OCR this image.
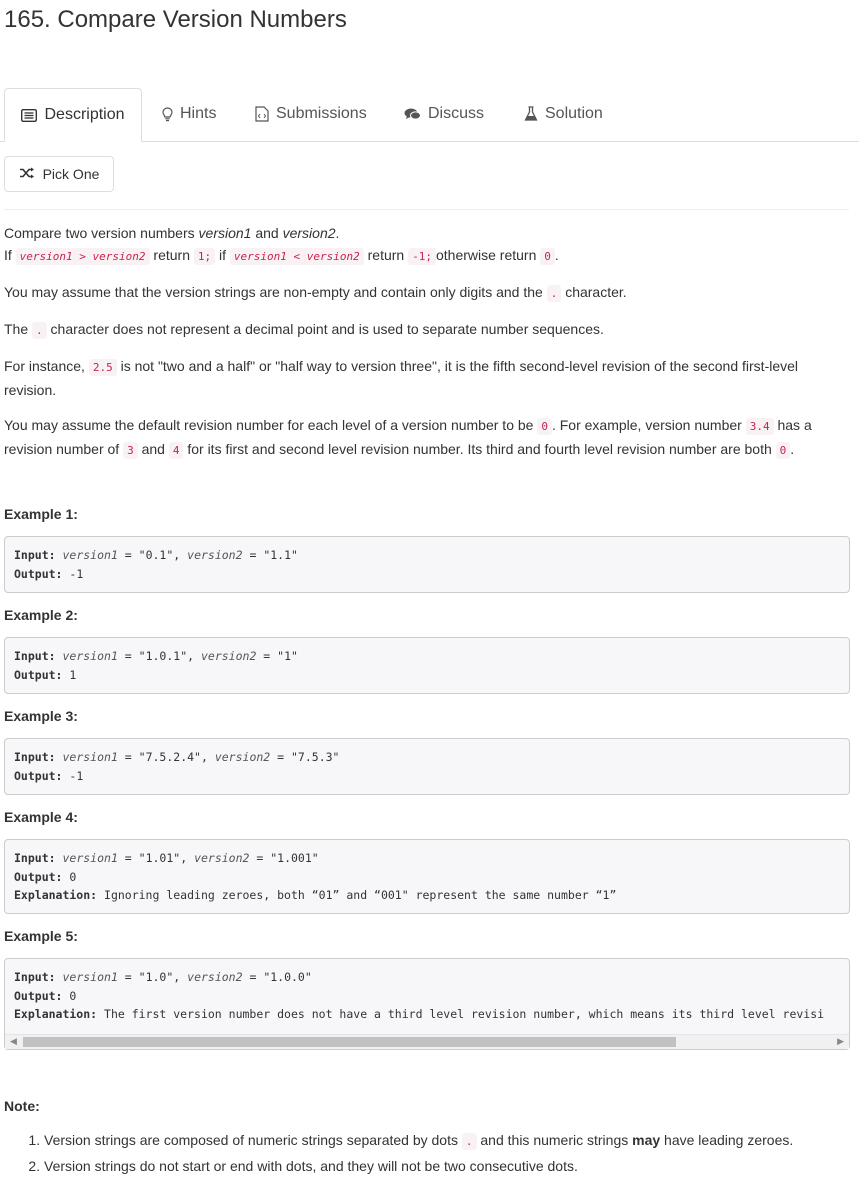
165. Compare Version Numbers
Description	Hints	Submissions	Discuss	Solution
Pick One

Compare two version numbers version1 and version2.

If version1 > version2 return 1; if version1 < version2 return -1; otherwise return 0 .

You may assume that the version strings are non-empty and contain only digits and the . character.

The . character does not represent a decimal point and is used to separate number sequences.

For instance, 2.5 is not "two and a half" or "half way to version three", it is the fifth second-level revision of the second first-level revision.

You may assume the default revision number for each level of a version number to be 0 . For example, version number 3.4 has a revision number of 3 and 4 for its first and second level revision number. Its third and fourth level revision number are both 0 .

Example 1:
Input: version1 = "0.1", version2 = "1.1"
Output: -1
Example 2:
Input: version1 = "1.0.1", version2 = "1"
Output: 1
Example 3:
Input: version1 = "7.5.2.4", version2 = "7.5.3"
Output: -1
Example 4:
Input: version1 = "1.01", version2 = "1.001"
Output: 0
Explanation: Ignoring leading zeroes, both “01” and “001" represent the same number “1”
Example 5:
Input: version1 = "1.0", version2 = "1.0.0"
Output: 0
Explanation: The first version number does not have a third level revision number, which means its third level revisi
◀	▶
Note:
1. Version strings are composed of numeric strings separated by dots . and this numeric strings may have leading zeroes.
2. Version strings do not start or end with dots, and they will not be two consecutive dots.
